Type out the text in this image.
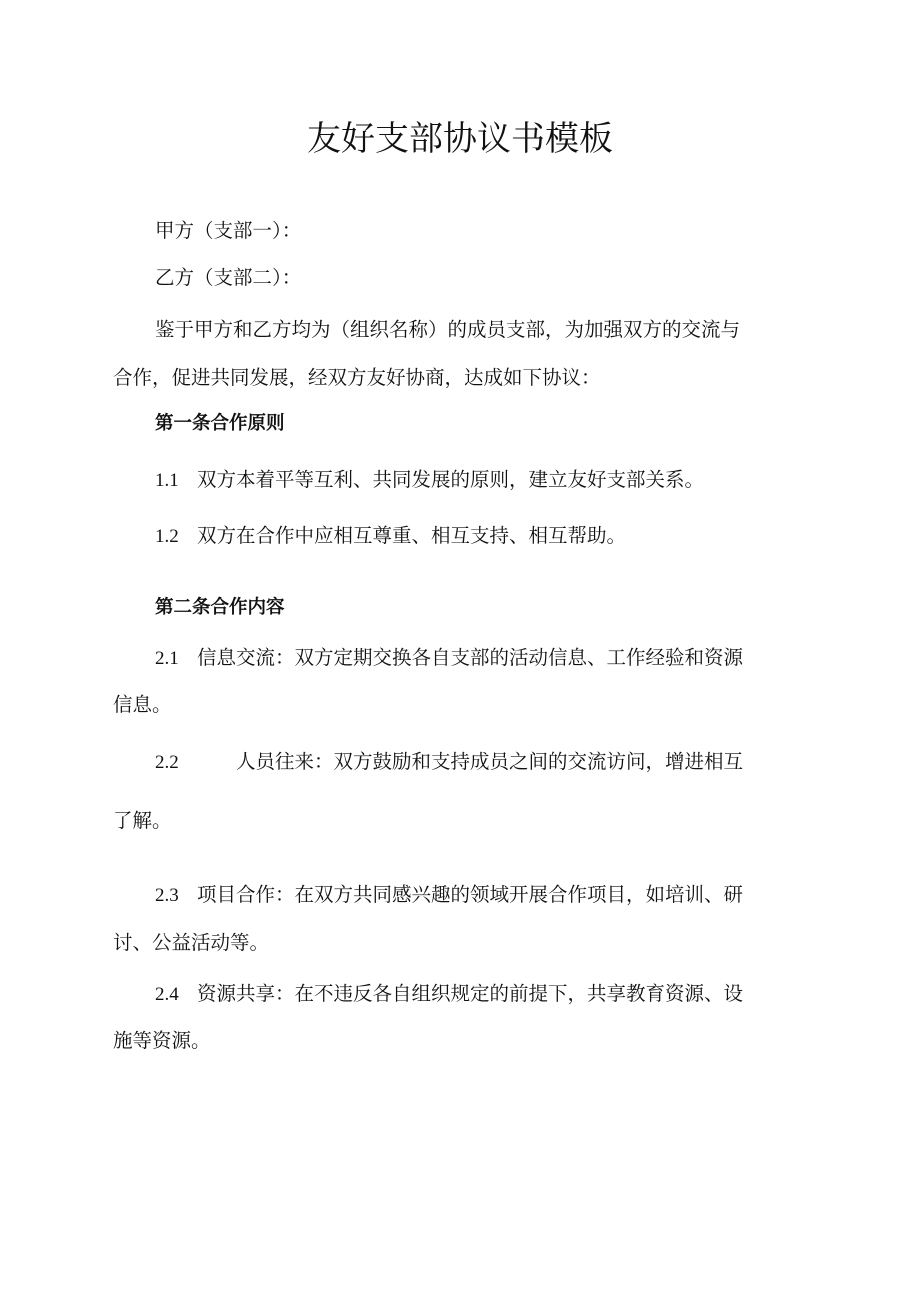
友好支部协议书模板
甲方（支部一）：
乙方（支部二）：
鉴于甲方和乙方均为（组织名称）的成员支部，为加强双方的交流与
合作，促进共同发展，经双方友好协商，达成如下协议：
第一条合作原则
1.1 双方本着平等互利、共同发展的原则，建立友好支部关系。
1.2 双方在合作中应相互尊重、相互支持、相互帮助。
第二条合作内容
2.1 信息交流：双方定期交换各自支部的活动信息、工作经验和资源
信息。
2.2	人员往来：双方鼓励和支持成员之间的交流访问，增进相互
了解。
2.3 项目合作：在双方共同感兴趣的领域开展合作项目，如培训、研
讨、公益活动等。
2.4 资源共享：在不违反各自组织规定的前提下，共享教育资源、设
施等资源。
